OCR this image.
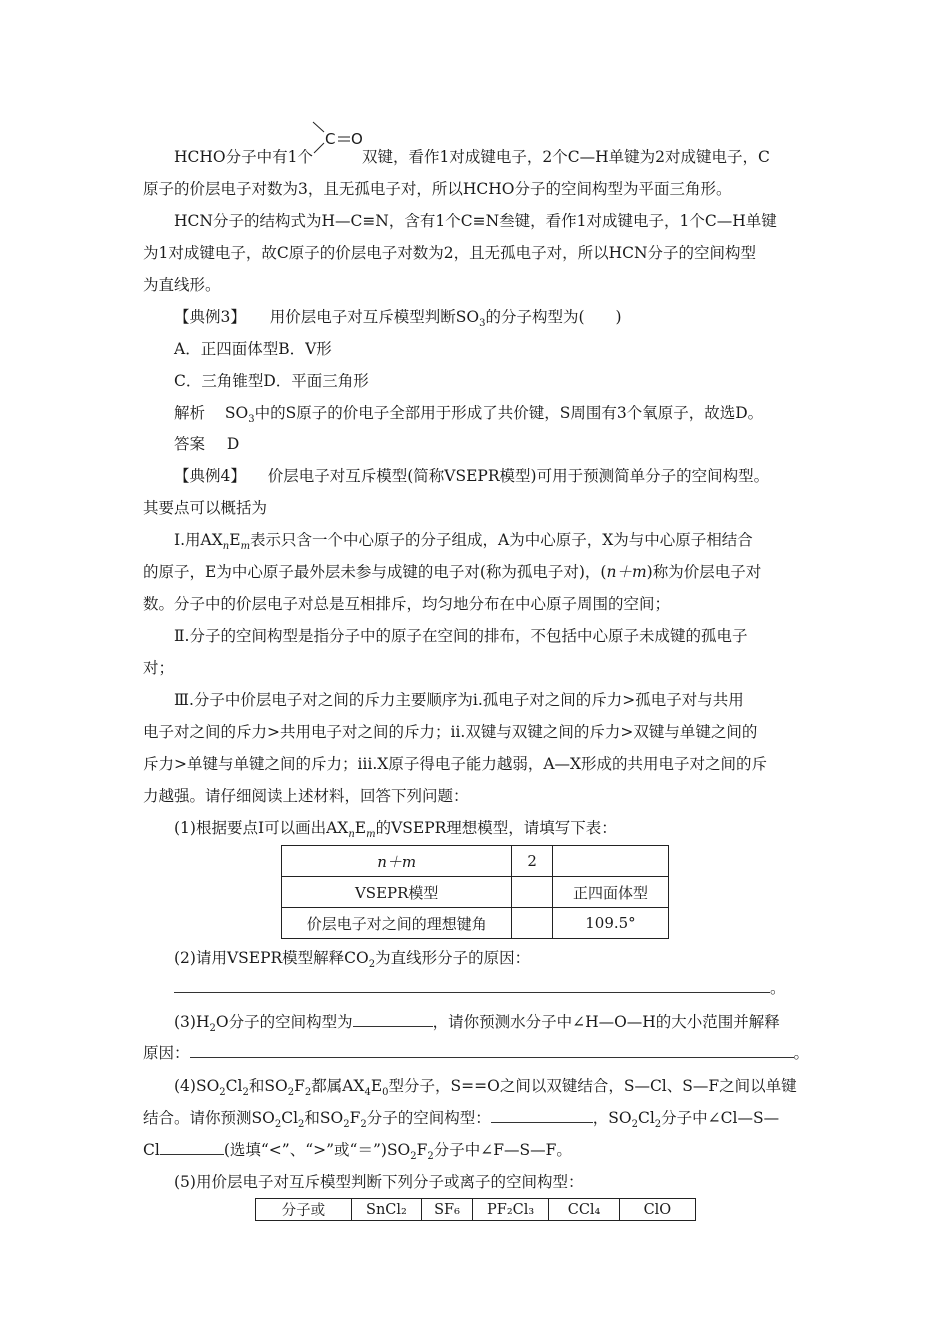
C O
HCHO分子中有1个	双键，看作1对成键电子，2个C—H单键为2对成键电子，C
原子的价层电子对数为3，且无孤电子对，所以HCHO分子的空间构型为平面三角形。
HCN分子的结构式为H—C≡N，含有1个C≡N叁键，看作1对成键电子，1个C—H单键
为1对成键电子，故C原子的价层电子对数为2，且无孤电子对，所以HCN分子的空间构型
为直线形。
【典例3】 用价层电子对互斥模型判断$SO_3$的分子构型为(　　)
A．正四面体型B．V形
C．三角锥型D．平面三角形
解析 $SO_3$中的S原子的价电子全部用于形成了共价键，S周围有3个氧原子，故选D。
答案 D
【典例4】 价层电子对互斥模型(简称VSEPR模型)可用于预测简单分子的空间构型。
其要点可以概括为
Ⅰ.用$AX_nE_m$表示只含一个中心原子的分子组成，A为中心原子，X为与中心原子相结合
的原子，E为中心原子最外层未参与成键的电子对(称为孤电子对)，(n＋m)称为价层电子对
数。分子中的价层电子对总是互相排斥，均匀地分布在中心原子周围的空间；
Ⅱ.分子的空间构型是指分子中的原子在空间的排布，不包括中心原子未成键的孤电子
对；
Ⅲ.分子中价层电子对之间的斥力主要顺序为ⅰ.孤电子对之间的斥力>孤电子对与共用
电子对之间的斥力>共用电子对之间的斥力；ⅱ.双键与双键之间的斥力>双键与单键之间的
斥力>单键与单键之间的斥力；ⅲ.X原子得电子能力越弱，A—X形成的共用电子对之间的斥
力越强。请仔细阅读上述材料，回答下列问题：
(1)根据要点Ⅰ可以画出$AX_nE_m$的VSEPR理想模型，请填写下表：
n＋m	2	
VSEPR模型		正四面体型
价层电子对之间的理想键角		109.5°
(2)请用VSEPR模型解释$CO_2$为直线形分子的原因：
。
$(3)H_2O$分子的空间构型为	，请你预测水分子中∠H—O—H的大小范围并解释
原因：	。
$(4)SO_2Cl_2$和$SO_2F_2$都属$AX_4E_0$型分子，S==O之间以双键结合，S—Cl、S—F之间以单键
结合。请你预测$SO_2Cl_2$和$SO_2F_2$分子的空间构型：	，$SO_2Cl_2$分子中∠Cl—S—
Cl	(选填“<”、“>”或“$=”)SO_2F_2$分子中∠F—S—F。
(5)用价层电子对互斥模型判断下列分子或离子的空间构型：
分子或	SnCl₂	SF₆	PF₂Cl₃	CCl₄	ClO
